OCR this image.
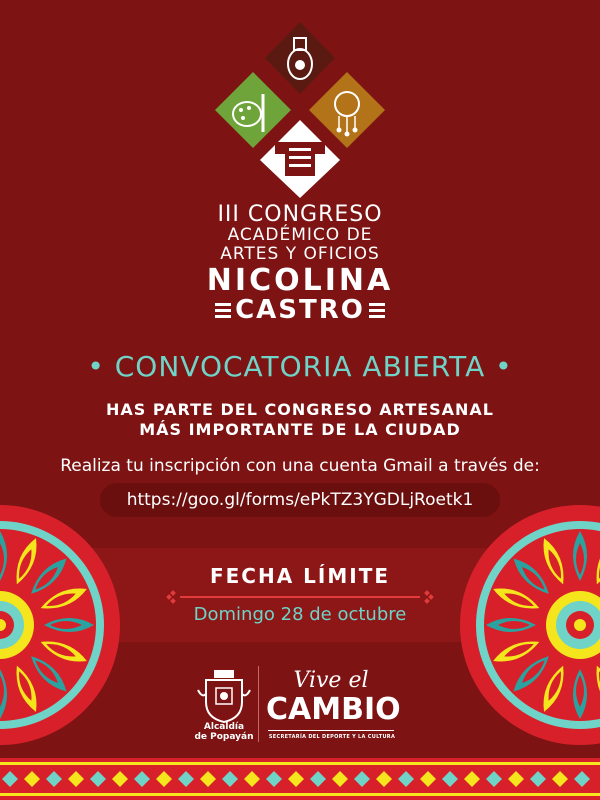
III CONGRESO
ACADÉMICO DE
ARTES Y OFICIOS
NICOLINA
CASTRO
• CONVOCATORIA ABIERTA •
HAS PARTE DEL CONGRESO ARTESANAL
MÁS IMPORTANTE DE LA CIUDAD
Realiza tu inscripción con una cuenta Gmail a través de:
https://goo.gl/forms/ePkTZ3YGDLjRoetk1
FECHA LÍMITE
Domingo 28 de octubre
Alcaldía
de Popayán
Vive el
CAMBIO
SECRETARÍA DEL DEPORTE Y LA CULTURA
